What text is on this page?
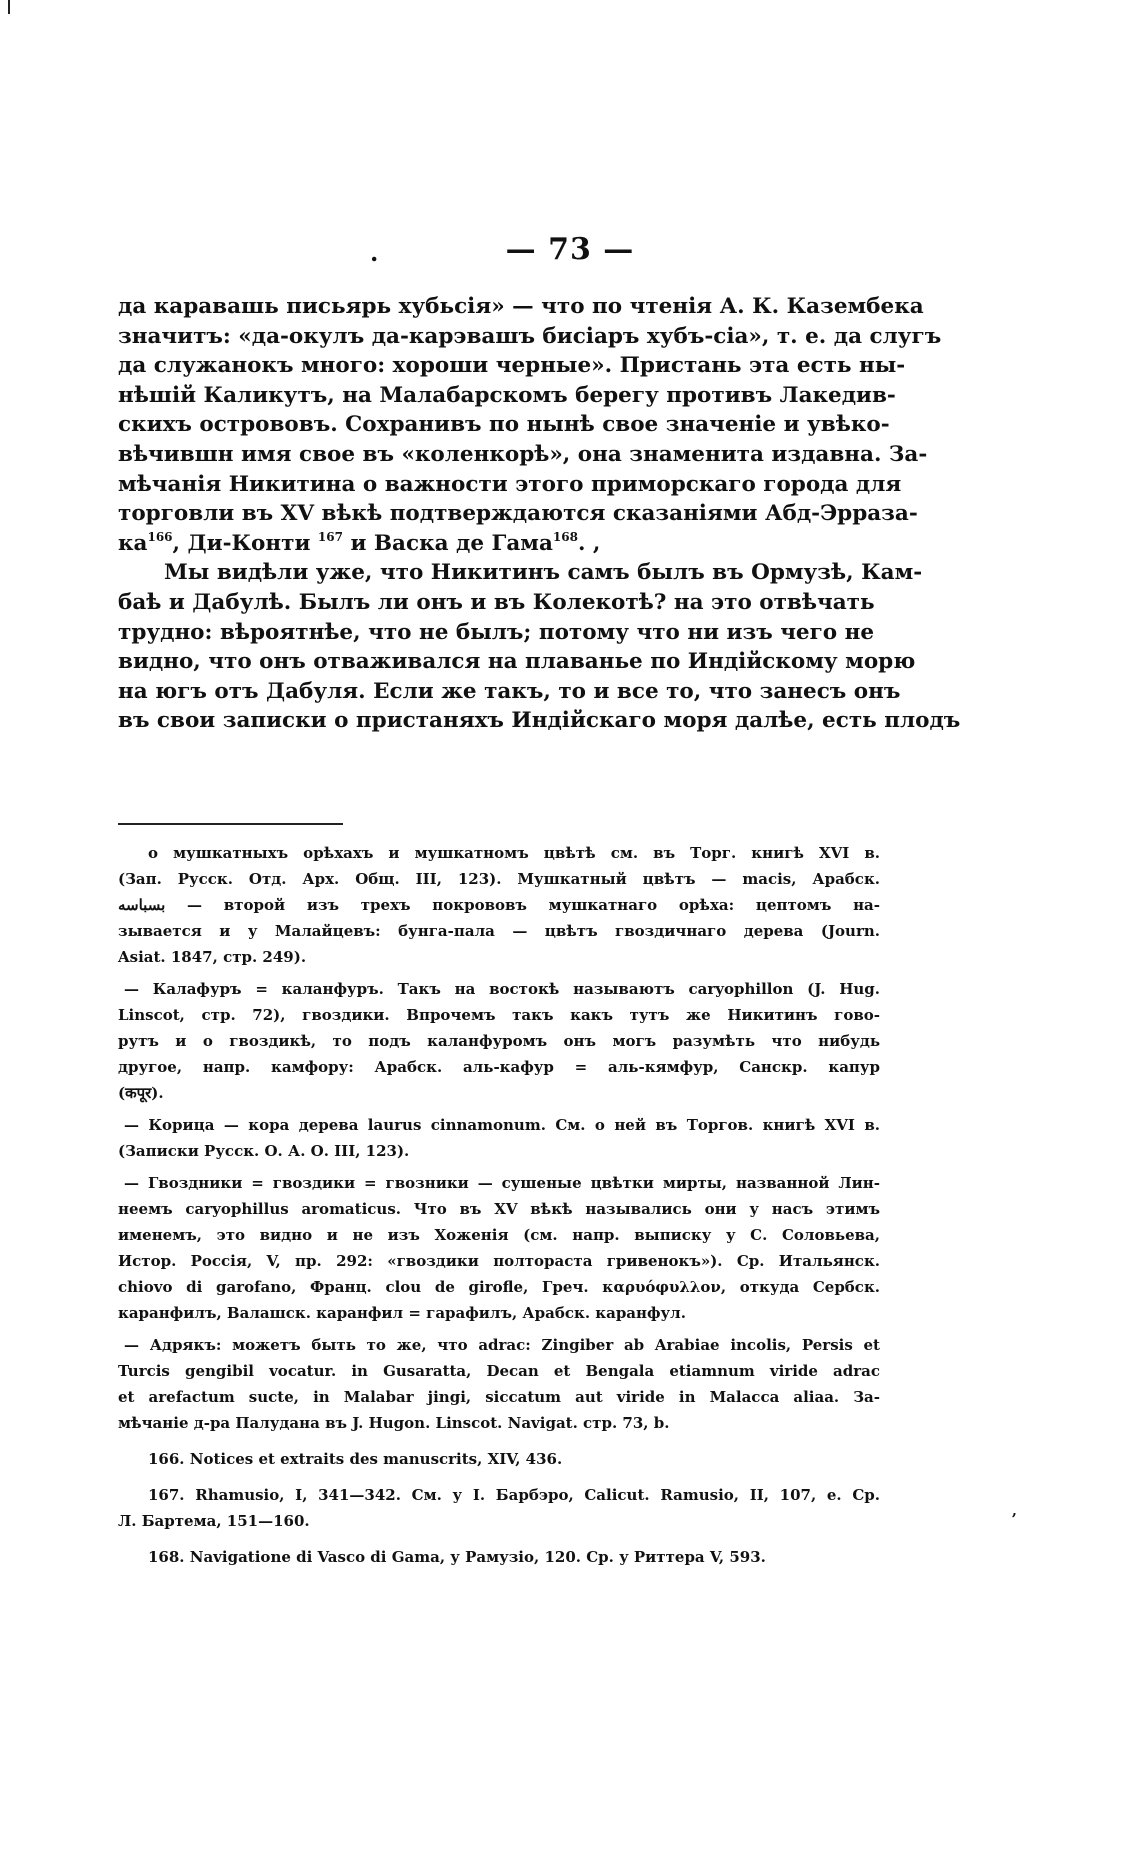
.	— 73 —
да каравашь письярь хубьсія» — что по чтенія А. К. Казембека
значитъ: «да-окулъ да-карэвашъ бисіаръ хубъ-сіа», т. е. да слугъ
да служанокъ много: хороши черные». Пристань эта есть ны-
нѣшій Каликутъ, на Малабарскомъ берегу противъ Лакедив-
скихъ острововъ. Сохранивъ по нынѣ свое значеніе и увѣко-
вѣчившн имя свое въ «коленкорѣ», она знаменита издавна. За-
мѣчанія Никитина о важности этого приморскаго города для
торговли въ XV вѣкѣ подтверждаются сказаніями Абд-Эрраза-
$ка^{166}$, Ди-Конти $^{167}$ и Васка де Гама$^{168}$. ,
Мы видѣли уже, что Никитинъ самъ былъ въ Ормузѣ, Кам-
баѣ и Дабулѣ. Былъ ли онъ и въ Колекотѣ? на это отвѣчать
трудно: вѣроятнѣе, что не былъ; потому что ни изъ чего не
видно, что онъ отваживался на плаванье по Индійскому морю
на югъ отъ Дабуля. Если же такъ, то и все то, что занесъ онъ
въ свои записки о пристаняхъ Индійскаго моря далѣе, есть плодъ
о мушкатныхъ орѣхахъ и мушкатномъ цвѣтѣ см. въ Торг. книгѣ XVI в.
(Зап. Русск. Отд. Арх. Общ. III, 123). Мушкатный цвѣтъ — macis, Арабск.
بسباسه — второй изъ трехъ покрововъ мушкатнаго орѣха: цептомъ на-
зывается и у Малайцевъ: бунга-пала — цвѣтъ гвоздичнаго дерева (Journ.
Asiat. 1847, стр. 249).
— Калафуръ = каланфуръ. Такъ на востокѣ называютъ caryophillon (J. Hug.
Linscot, стр. 72), гвоздики. Впрочемъ такъ какъ тутъ же Никитинъ гово-
рутъ и о гвоздикѣ, то подъ каланфуромъ онъ могъ разумѣть что нибудь
другое, напр. камфору: Арабск. аль-кафур = аль-кямфур, Санскр. капур
(कपूर).
— Корица — кора дерева laurus cinnamonum. См. о ней въ Торгов. книгѣ XVI в.
(Записки Русск. О. А. О. III, 123).
— Гвоздники = гвоздики = гвозники — сушеные цвѣтки мирты, названной Лин-
неемъ caryophillus aromaticus. Что въ XV вѣкѣ назывались они у насъ этимъ
именемъ, это видно и не изъ Хоженія (см. напр. выписку у С. Соловьева,
Истор. Россія, V, пр. 292: «гвоздики полтораста гривенокъ»). Ср. Итальянск.
chiovo di garofano, Франц. clou de girofle, Греч. καρυόφυλλον, откуда Сербск.
каранфилъ, Валашск. каранфил = гарафилъ, Арабск. каранфул.
— Адрякъ: можетъ быть то же, что adrac: Zingiber ab Arabiae incolis, Persis et
Turcis gengibil vocatur. in Gusaratta, Decan et Bengala etiamnum viride adrac
et arefactum sucte, in Malabar jingi, siccatum aut viride in Malacca aliaa. За-
мѣчаніе д-ра Палудана въ J. Hugon. Linscot. Navigat. стр. 73, b.
166. Notices et extraits des manuscrits, XIV, 436.
167. Rhamusio, I, 341—342. См. у I. Барбэро, Calicut. Ramusio, II, 107, e. Ср.
Л. Бартема, 151—160.
168. Navigatione di Vasco di Gama, у Рамузіо, 120. Ср. у Риттера V, 593.
,
